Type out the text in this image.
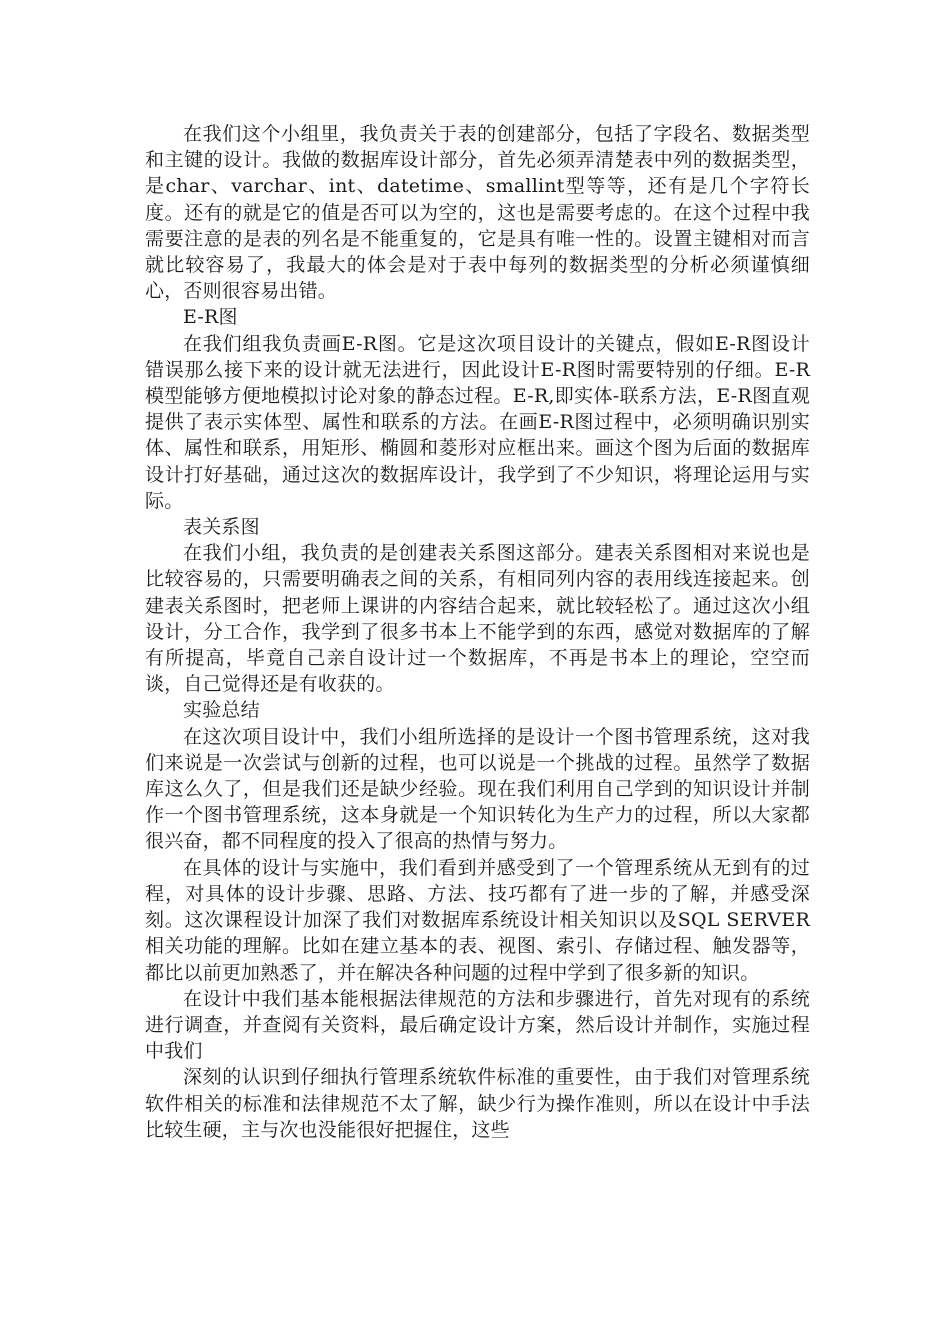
在我们这个小组里，我负责关于表的创建部分，包括了字段名、数据类型和主键的设计。我做的数据库设计部分，首先必须弄清楚表中列的数据类型，是char、varchar、int、datetime、smallint型等等，还有是几个字符长度。还有的就是它的值是否可以为空的，这也是需要考虑的。在这个过程中我需要注意的是表的列名是不能重复的，它是具有唯一性的。设置主键相对而言就比较容易了，我最大的体会是对于表中每列的数据类型的分析必须谨慎细心，否则很容易出错。

E-R图

在我们组我负责画E-R图。它是这次项目设计的关键点，假如E-R图设计错误那么接下来的设计就无法进行，因此设计E-R图时需要特别的仔细。E-R模型能够方便地模拟讨论对象的静态过程。E-R,即实体-联系方法，E-R图直观提供了表示实体型、属性和联系的方法。在画E-R图过程中，必须明确识别实体、属性和联系，用矩形、椭圆和菱形对应框出来。画这个图为后面的数据库设计打好基础，通过这次的数据库设计，我学到了不少知识，将理论运用与实际。

表关系图

在我们小组，我负责的是创建表关系图这部分。建表关系图相对来说也是比较容易的，只需要明确表之间的关系，有相同列内容的表用线连接起来。创建表关系图时，把老师上课讲的内容结合起来，就比较轻松了。通过这次小组设计，分工合作，我学到了很多书本上不能学到的东西，感觉对数据库的了解有所提高，毕竟自己亲自设计过一个数据库，不再是书本上的理论，空空而谈，自己觉得还是有收获的。

实验总结

在这次项目设计中，我们小组所选择的是设计一个图书管理系统，这对我们来说是一次尝试与创新的过程，也可以说是一个挑战的过程。虽然学了数据库这么久了，但是我们还是缺少经验。现在我们利用自己学到的知识设计并制作一个图书管理系统，这本身就是一个知识转化为生产力的过程，所以大家都很兴奋，都不同程度的投入了很高的热情与努力。

在具体的设计与实施中，我们看到并感受到了一个管理系统从无到有的过程，对具体的设计步骤、思路、方法、技巧都有了进一步的了解，并感受深刻。这次课程设计加深了我们对数据库系统设计相关知识以及SQL SERVER相关功能的理解。比如在建立基本的表、视图、索引、存储过程、触发器等，都比以前更加熟悉了，并在解决各种问题的过程中学到了很多新的知识。

在设计中我们基本能根据法律规范的方法和步骤进行，首先对现有的系统进行调查，并查阅有关资料，最后确定设计方案，然后设计并制作，实施过程中我们

深刻的认识到仔细执行管理系统软件标准的重要性，由于我们对管理系统软件相关的标准和法律规范不太了解，缺少行为操作准则，所以在设计中手法比较生硬，主与次也没能很好把握住，这些
